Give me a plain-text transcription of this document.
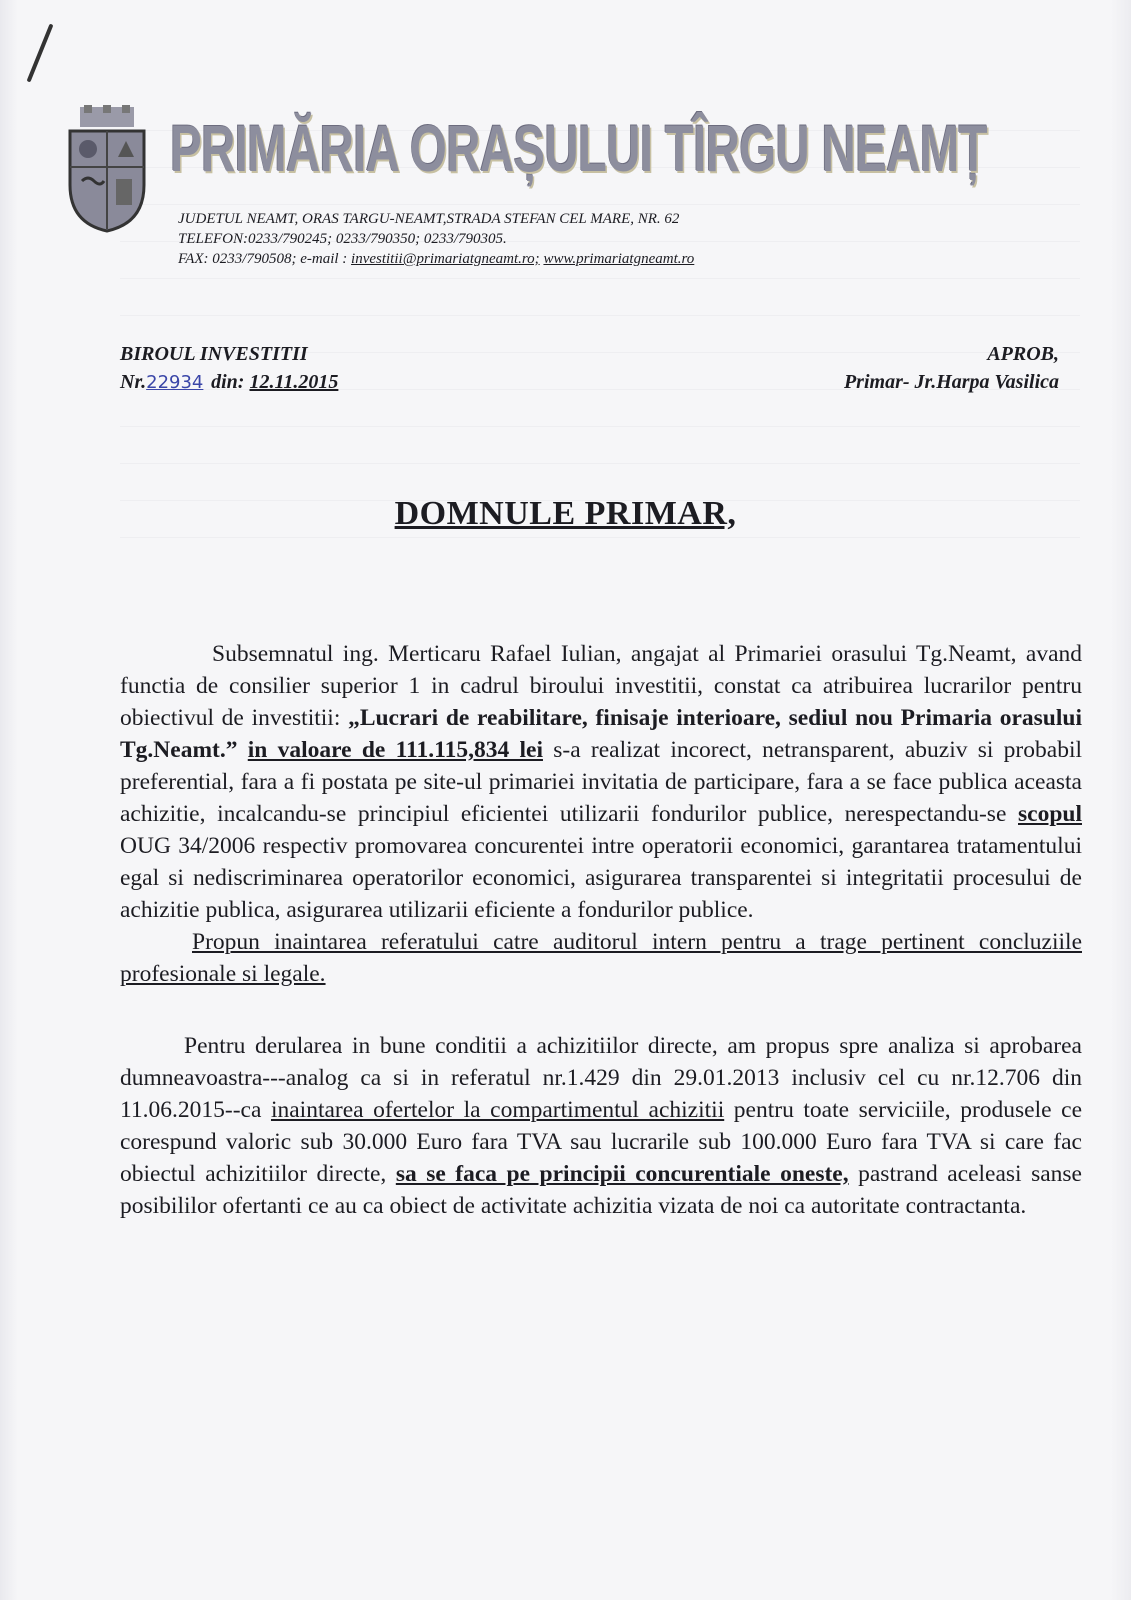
PRIMĂRIA ORAȘULUI TÎRGU NEAMȚ
JUDETUL NEAMT, ORAS TARGU-NEAMT,STRADA STEFAN CEL MARE, NR. 62
TELEFON:0233/790245; 0233/790350; 0233/790305.
FAX: 0233/790508; e-mail : investitii@primariatgneamt.ro; www.primariatgneamt.ro
BIROUL INVESTITII
Nr.22934 din: 12.11.2015
APROB,
Primar- Jr.Harpa Vasilica
DOMNULE PRIMAR,

Subsemnatul ing. Merticaru Rafael Iulian, angajat al Primariei orasului Tg.Neamt, avand functia de consilier superior 1 in cadrul biroului investitii, constat ca atribuirea lucrarilor pentru obiectivul de investitii: „Lucrari de reabilitare, finisaje interioare, sediul nou Primaria orasului Tg.Neamt.” in valoare de 111.115,834 lei s-a realizat incorect, netransparent, abuziv si probabil preferential, fara a fi postata pe site-ul primariei invitatia de participare, fara a se face publica aceasta achizitie, incalcandu-se principiul eficientei utilizarii fondurilor publice, nerespectandu-se scopul OUG 34/2006 respectiv promovarea concurentei intre operatorii economici, garantarea tratamentului egal si nediscriminarea operatorilor economici, asigurarea transparentei si integritatii procesului de achizitie publica, asigurarea utilizarii eficiente a fondurilor publice.

Propun inaintarea referatului catre auditorul intern pentru a trage pertinent concluziile profesionale si legale.

Pentru derularea in bune conditii a achizitiilor directe, am propus spre analiza si aprobarea dumneavoastra---analog ca si in referatul nr.1.429 din 29.01.2013 inclusiv cel cu nr.12.706 din 11.06.2015--ca inaintarea ofertelor la compartimentul achizitii pentru toate serviciile, produsele ce corespund valoric sub 30.000 Euro fara TVA sau lucrarile sub 100.000 Euro fara TVA si care fac obiectul achizitiilor directe, sa se faca pe principii concurentiale oneste, pastrand aceleasi sanse posibililor ofertanti ce au ca obiect de activitate achizitia vizata de noi ca autoritate contractanta.
